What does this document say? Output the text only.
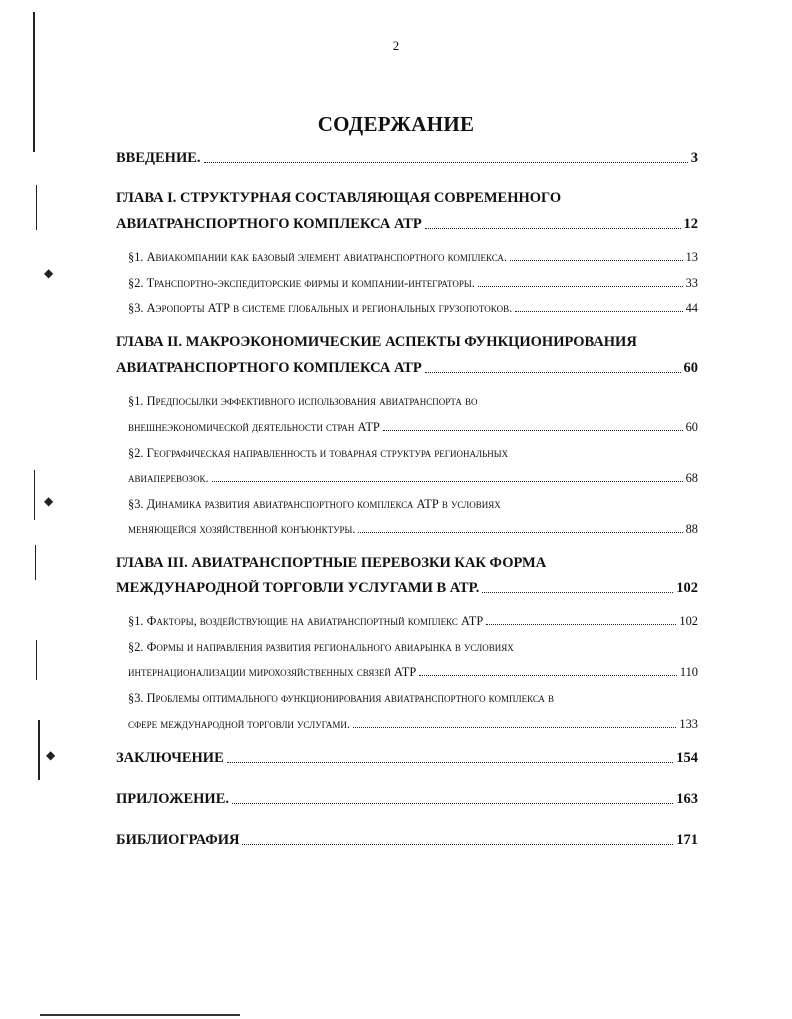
◆
◆
◆
2
СОДЕРЖАНИЕ
ВВЕДЕНИЕ.	3
ГЛАВА I. СТРУКТУРНАЯ СОСТАВЛЯЮЩАЯ СОВРЕМЕННОГО
АВИАТРАНСПОРТНОГО КОМПЛЕКСА АТР	12
§1. Авиакомпании как базовый элемент авиатранспортного комплекса.	13
§2. Транспортно-экспедиторские фирмы и компании-интеграторы.	33
§3. Аэропорты АТР в системе глобальных и региональных грузопотоков.	44
ГЛАВА II. МАКРОЭКОНОМИЧЕСКИЕ АСПЕКТЫ ФУНКЦИОНИРОВАНИЯ
АВИАТРАНСПОРТНОГО КОМПЛЕКСА АТР	60
§1. Предпосылки эффективного использования авиатранспорта во
внешнеэкономической деятельности стран АТР	60
§2. Географическая направленность и товарная структура региональных
авиаперевозок.	68
§3. Динамика развития авиатранспортного комплекса АТР в условиях
меняющейся хозяйственной конъюнктуры.	88
ГЛАВА III. АВИАТРАНСПОРТНЫЕ ПЕРЕВОЗКИ КАК ФОРМА
МЕЖДУНАРОДНОЙ ТОРГОВЛИ УСЛУГАМИ В АТР.	102
§1. Факторы, воздействующие на авиатранспортный комплекс АТР	102
§2. Формы и направления развития регионального авиарынка в условиях
интернационализации мирохозяйственных связей АТР	110
§3. Проблемы оптимального функционирования авиатранспортного комплекса в
сфере международной торговли услугами.	133
ЗАКЛЮЧЕНИЕ	154
ПРИЛОЖЕНИЕ.	163
БИБЛИОГРАФИЯ	171
